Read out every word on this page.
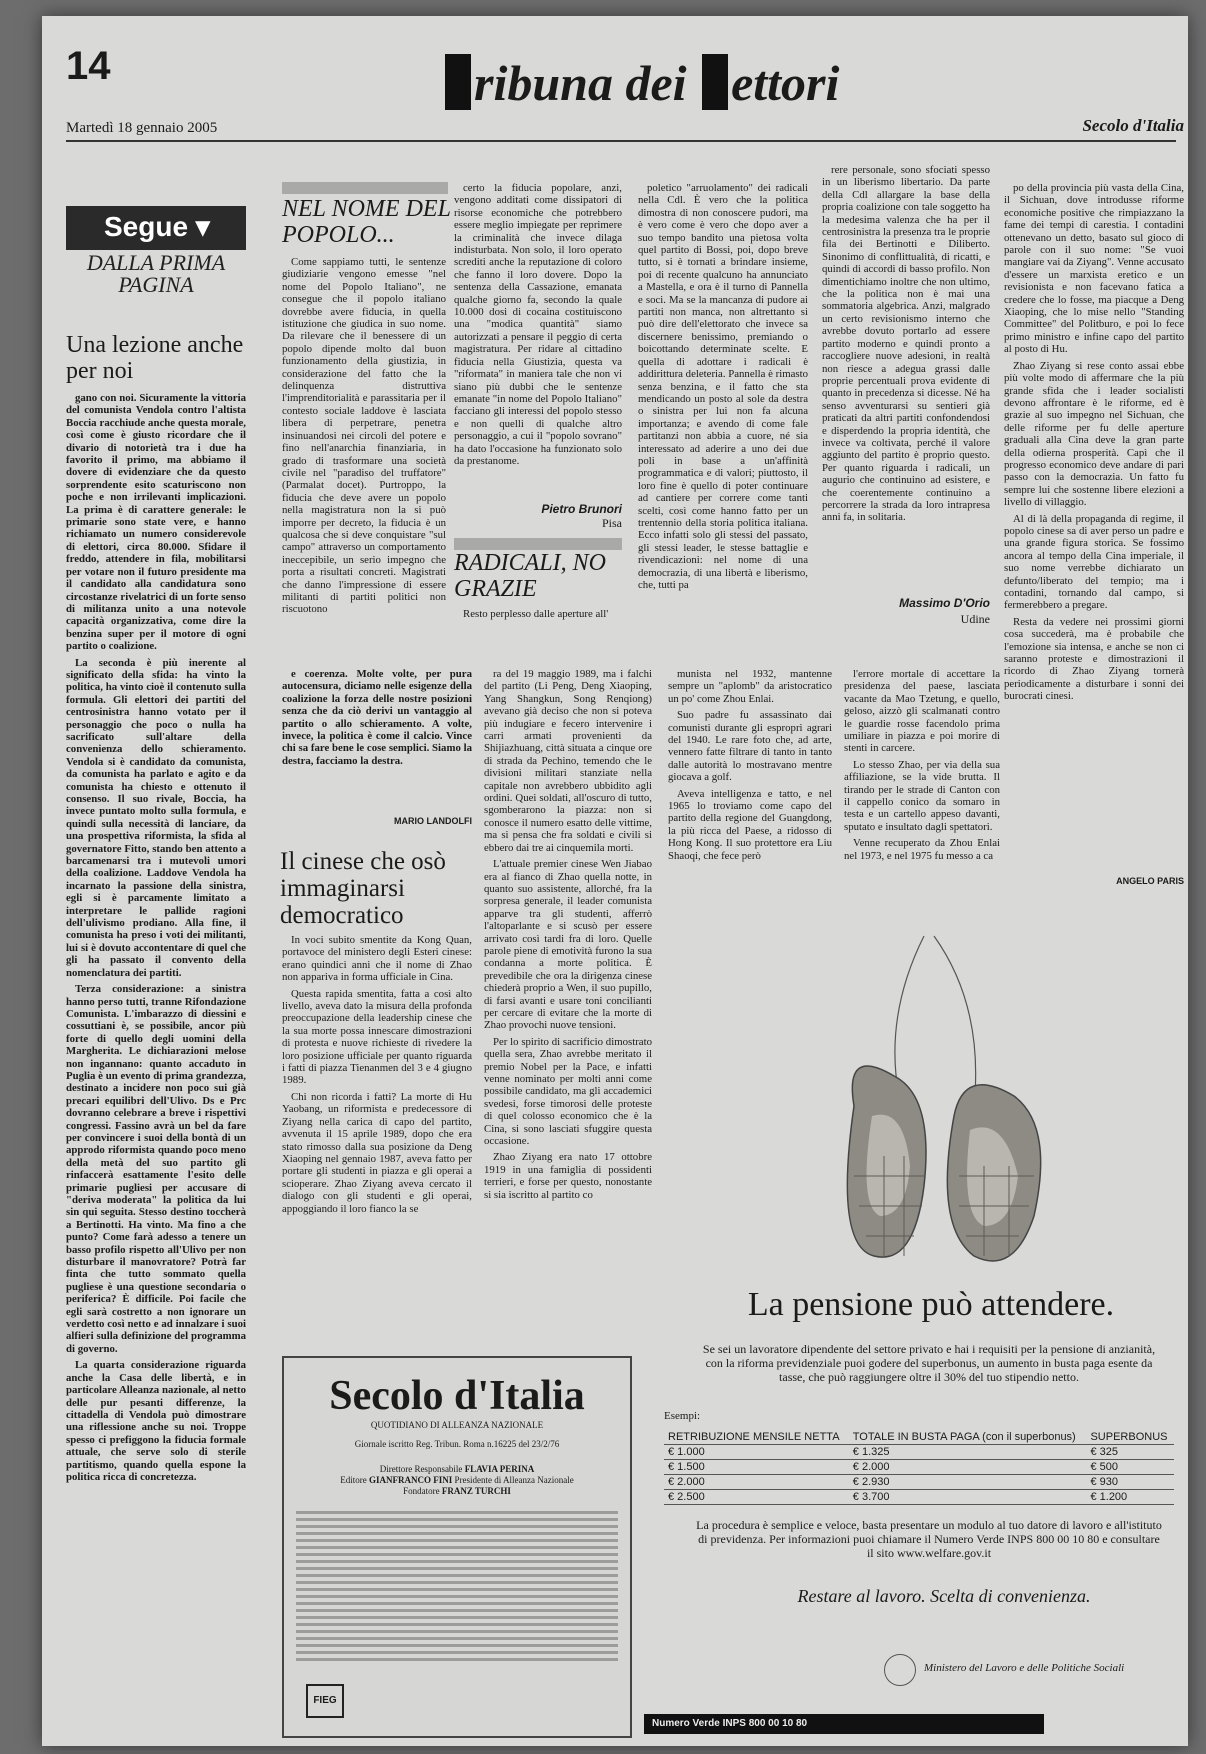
14	ribuna dei ettori
Martedì 18 gennaio 2005	Secolo d'Italia
Segue ▾
DALLA PRIMA PAGINA
Una lezione anche per noi

gano con noi. Sicuramente la vittoria del comunista Vendola contro l'altista Boccia racchiude anche questa morale, così come è giusto ricordare che il divario di notorietà tra i due ha favorito il primo, ma abbiamo il dovere di evidenziare che da questo sorprendente esito scaturiscono non poche e non irrilevanti implicazioni. La prima è di carattere generale: le primarie sono state vere, e hanno richiamato un numero considerevole di elettori, circa 80.000. Sfidare il freddo, attendere in fila, mobilitarsi per votare non il futuro presidente ma il candidato alla candidatura sono circostanze rivelatrici di un forte senso di militanza unito a una notevole capacità organizzativa, come dire la benzina super per il motore di ogni partito o coalizione.

La seconda è più inerente al significato della sfida: ha vinto la politica, ha vinto cioè il contenuto sulla formula. Gli elettori dei partiti del centrosinistra hanno votato per il personaggio che poco o nulla ha sacrificato sull'altare della convenienza dello schieramento. Vendola si è candidato da comunista, da comunista ha parlato e agito e da comunista ha chiesto e ottenuto il consenso. Il suo rivale, Boccia, ha invece puntato molto sulla formula, e quindi sulla necessità di lanciare, da una prospettiva riformista, la sfida al governatore Fitto, stando ben attento a barcamenarsi tra i mutevoli umori della coalizione. Laddove Vendola ha incarnato la passione della sinistra, egli si è parcamente limitato a interpretare le pallide ragioni dell'ulivismo prodiano. Alla fine, il comunista ha preso i voti dei militanti, lui si è dovuto accontentare di quel che gli ha passato il convento della nomenclatura dei partiti.

Terza considerazione: a sinistra hanno perso tutti, tranne Rifondazione Comunista. L'imbarazzo di diessini e cossuttiani è, se possibile, ancor più forte di quello degli uomini della Margherita. Le dichiarazioni melose non ingannano: quanto accaduto in Puglia è un evento di prima grandezza, destinato a incidere non poco sui già precari equilibri dell'Ulivo. Ds e Prc dovranno celebrare a breve i rispettivi congressi. Fassino avrà un bel da fare per convincere i suoi della bontà di un approdo riformista quando poco meno della metà del suo partito gli rinfaccerà esattamente l'esito delle primarie pugliesi per accusare di "deriva moderata" la politica da lui sin qui seguita. Stesso destino toccherà a Bertinotti. Ha vinto. Ma fino a che punto? Come farà adesso a tenere un basso profilo rispetto all'Ulivo per non disturbare il manovratore? Potrà far finta che tutto sommato quella pugliese è una questione secondaria o periferica? È difficile. Poi facile che egli sarà costretto a non ignorare un verdetto così netto e ad innalzare i suoi alfieri sulla definizione del programma di governo.

La quarta considerazione riguarda anche la Casa delle libertà, e in particolare Alleanza nazionale, al netto delle pur pesanti differenze, la cittadella di Vendola può dimostrare una riflessione anche su noi. Troppe spesso ci prefiggono la fiducia formale attuale, che serve solo di sterile partitismo, quando quella espone la politica ricca di concretezza.

NEL NOME DEL POPOLO...

Come sappiamo tutti, le sentenze giudiziarie vengono emesse "nel nome del Popolo Italiano", ne consegue che il popolo italiano dovrebbe avere fiducia, in quella istituzione che giudica in suo nome. Da rilevare che il benessere di un popolo dipende molto dal buon funzionamento della giustizia, in considerazione del fatto che la delinquenza distruttiva l'imprenditorialità e parassitaria per il contesto sociale laddove è lasciata libera di perpetrare, penetra insinuandosi nei circoli del potere e fino nell'anarchia finanziaria, in grado di trasformare una società civile nel "paradiso del truffatore" (Parmalat docet). Purtroppo, la fiducia che deve avere un popolo nella magistratura non la si può imporre per decreto, la fiducia è un qualcosa che si deve conquistare "sul campo" attraverso un comportamento ineccepibile, un serio impegno che porta a risultati concreti. Magistrati che danno l'impressione di essere militanti di partiti politici non riscuotono

certo la fiducia popolare, anzi, vengono additati come dissipatori di risorse economiche che potrebbero essere meglio impiegate per reprimere la criminalità che invece dilaga indisturbata. Non solo, il loro operato screditi anche la reputazione di coloro che fanno il loro dovere. Dopo la sentenza della Cassazione, emanata qualche giorno fa, secondo la quale 10.000 dosi di cocaina costituiscono una "modica quantità" siamo autorizzati a pensare il peggio di certa magistratura. Per ridare al cittadino fiducia nella Giustizia, questa va "riformata" in maniera tale che non vi siano più dubbi che le sentenze emanate "in nome del Popolo Italiano" facciano gli interessi del popolo stesso e non quelli di qualche altro personaggio, a cui il "popolo sovrano" ha dato l'occasione ha funzionato solo da prestanome.

Pietro Brunori
Pisa
RADICALI, NO GRAZIE

Resto perplesso dalle aperture all'

poletico "arruolamento" dei radicali nella Cdl. È vero che la politica dimostra di non conoscere pudori, ma è vero come è vero che dopo aver a suo tempo bandito una pietosa volta quel partito di Bossi, poi, dopo breve tutto, si è tornati a brindare insieme, poi di recente qualcuno ha annunciato a Mastella, e ora è il turno di Pannella e soci. Ma se la mancanza di pudore ai partiti non manca, non altrettanto si può dire dell'elettorato che invece sa discernere benissimo, premiando o boicottando determinate scelte. E quella di adottare i radicali è addirittura deleteria. Pannella è rimasto senza benzina, e il fatto che sta mendicando un posto al sole da destra o sinistra per lui non fa alcuna importanza; e avendo di come fale partitanzi non abbia a cuore, né sia interessato ad aderire a uno dei due poli in base a un'affinità programmatica e di valori; piuttosto, il loro fine è quello di poter continuare ad cantiere per correre come tanti scelti, così come hanno fatto per un trentennio della storia politica italiana. Ecco infatti solo gli stessi del passato, gli stessi leader, le stesse battaglie e rivendicazioni: nel nome di una democrazia, di una libertà e liberismo, che, tutti pa

rere personale, sono sfociati spesso in un liberismo libertario. Da parte della Cdl allargare la base della propria coalizione con tale soggetto ha la medesima valenza che ha per il centrosinistra la presenza tra le proprie fila dei Bertinotti e Diliberto. Sinonimo di conflittualità, di ricatti, e quindi di accordi di basso profilo. Non dimentichiamo inoltre che non ultimo, che la politica non è mai una sommatoria algebrica. Anzi, malgrado un certo revisionismo interno che avrebbe dovuto portarlo ad essere partito moderno e quindi pronto a raccogliere nuove adesioni, in realtà non riesce a adegua grassi dalle proprie percentuali prova evidente di quanto in precedenza si dicesse. Né ha senso avventurarsi su sentieri già praticati da altri partiti confondendosi e disperdendo la propria identità, che invece va coltivata, perché il valore aggiunto del partito è proprio questo. Per quanto riguarda i radicali, un augurio che continuino ad esistere, e che coerentemente continuino a percorrere la strada da loro intrapresa anni fa, in solitaria.

Massimo D'Orio
Udine

po della provincia più vasta della Cina, il Sichuan, dove introdusse riforme economiche positive che rimpiazzano la fame dei tempi di carestia. I contadini ottenevano un detto, basato sul gioco di parole con il suo nome: "Se vuoi mangiare vai da Ziyang". Venne accusato d'essere un marxista eretico e un revisionista e non facevano fatica a credere che lo fosse, ma piacque a Deng Xiaoping, che lo mise nello "Standing Committee" del Politburo, e poi lo fece primo ministro e infine capo del partito al posto di Hu.

Zhao Ziyang si rese conto assai ebbe più volte modo di affermare che la più grande sfida che i leader socialisti devono affrontare è le riforme, ed è grazie al suo impegno nel Sichuan, che delle riforme per fu delle aperture graduali alla Cina deve la gran parte della odierna prosperità. Capì che il progresso economico deve andare di pari passo con la democrazia. Un fatto fu sempre lui che sostenne libere elezioni a livello di villaggio.

Al di là della propaganda di regime, il popolo cinese sa di aver perso un padre e una grande figura storica. Se fossimo ancora al tempo della Cina imperiale, il suo nome verrebbe dichiarato un defunto/liberato del tempio; ma i contadini, tornando dal campo, si fermerebbero a pregare.

Resta da vedere nei prossimi giorni cosa succederà, ma è probabile che l'emozione sia intensa, e anche se non ci saranno proteste e dimostrazioni il ricordo di Zhao Ziyang tornerà periodicamente a disturbare i sonni dei burocrati cinesi.

ANGELO PARIS

e coerenza. Molte volte, per pura autocensura, diciamo nelle esigenze della coalizione la forza delle nostre posizioni senza che da ciò derivi un vantaggio al partito o allo schieramento. A volte, invece, la politica è come il calcio. Vince chi sa fare bene le cose semplici. Siamo la destra, facciamo la destra.

MARIO LANDOLFI
Il cinese che osò immaginarsi democratico

In voci subito smentite da Kong Quan, portavoce del ministero degli Esteri cinese: erano quindici anni che il nome di Zhao non appariva in forma ufficiale in Cina.

Questa rapida smentita, fatta a così alto livello, aveva dato la misura della profonda preoccupazione della leadership cinese che la sua morte possa innescare dimostrazioni di protesta e nuove richieste di rivedere la loro posizione ufficiale per quanto riguarda i fatti di piazza Tienanmen del 3 e 4 giugno 1989.

Chi non ricorda i fatti? La morte di Hu Yaobang, un riformista e predecessore di Ziyang nella carica di capo del partito, avvenuta il 15 aprile 1989, dopo che era stato rimosso dalla sua posizione da Deng Xiaoping nel gennaio 1987, aveva fatto per portare gli studenti in piazza e gli operai a scioperare. Zhao Ziyang aveva cercato il dialogo con gli studenti e gli operai, appoggiando il loro fianco la se

ra del 19 maggio 1989, ma i falchi del partito (Li Peng, Deng Xiaoping, Yang Shangkun, Song Renqiong) avevano già deciso che non si poteva più indugiare e fecero intervenire i carri armati provenienti da Shijiazhuang, città situata a cinque ore di strada da Pechino, temendo che le divisioni militari stanziate nella capitale non avrebbero ubbidito agli ordini. Quei soldati, all'oscuro di tutto, sgomberarono la piazza: non si conosce il numero esatto delle vittime, ma si pensa che fra soldati e civili si ebbero dai tre ai cinquemila morti.

L'attuale premier cinese Wen Jiabao era al fianco di Zhao quella notte, in quanto suo assistente, allorché, fra la sorpresa generale, il leader comunista apparve tra gli studenti, afferrò l'altoparlante e si scusò per essere arrivato così tardi fra di loro. Quelle parole piene di emotività furono la sua condanna a morte politica. È prevedibile che ora la dirigenza cinese chiederà proprio a Wen, il suo pupillo, di farsi avanti e usare toni concilianti per cercare di evitare che la morte di Zhao provochi nuove tensioni.

Per lo spirito di sacrificio dimostrato quella sera, Zhao avrebbe meritato il premio Nobel per la Pace, e infatti venne nominato per molti anni come possibile candidato, ma gli accademici svedesi, forse timorosi delle proteste di quel colosso economico che è la Cina, si sono lasciati sfuggire questa occasione.

Zhao Ziyang era nato 17 ottobre 1919 in una famiglia di possidenti terrieri, e forse per questo, nonostante si sia iscritto al partito co

munista nel 1932, mantenne sempre un "aplomb" da aristocratico un po' come Zhou Enlai.

Suo padre fu assassinato dai comunisti durante gli espropri agrari del 1940. Le rare foto che, ad arte, vennero fatte filtrare di tanto in tanto dalle autorità lo mostravano mentre giocava a golf.

Aveva intelligenza e tatto, e nel 1965 lo troviamo come capo del partito della regione del Guangdong, la più ricca del Paese, a ridosso di Hong Kong. Il suo protettore era Liu Shaoqi, che fece però

l'errore mortale di accettare la presidenza del paese, lasciata vacante da Mao Tzetung, e quello, geloso, aizzò gli scalmanati contro le guardie rosse facendolo prima umiliare in piazza e poi morire di stenti in carcere.

Lo stesso Zhao, per via della sua affiliazione, se la vide brutta. Il tirando per le strade di Canton con il cappello conico da somaro in testa e un cartello appeso davanti, sputato e insultato dagli spettatori.

Venne recuperato da Zhou Enlai nel 1973, e nel 1975 fu messo a ca

Secolo d'Italia
QUOTIDIANO DI ALLEANZA NAZIONALE
Giornale iscritto Reg. Tribun. Roma n.16225 del 23/2/76
Direttore Responsabile FLAVIA PERINA
Editore GIANFRANCO FINI Presidente di Alleanza Nazionale
Fondatore FRANZ TURCHI
FIEG
La pensione può attendere.
Se sei un lavoratore dipendente del settore privato e hai i requisiti per la pensione di anzianità, con la riforma previdenziale puoi godere del superbonus, un aumento in busta paga esente da tasse, che può raggiungere oltre il 30% del tuo stipendio netto.
Esempi:
RETRIBUZIONE MENSILE NETTA	TOTALE IN BUSTA PAGA (con il superbonus)	SUPERBONUS
€ 1.000	€ 1.325	€ 325
€ 1.500	€ 2.000	€ 500
€ 2.000	€ 2.930	€ 930
€ 2.500	€ 3.700	€ 1.200
La procedura è semplice e veloce, basta presentare un modulo al tuo datore di lavoro e all'istituto di previdenza. Per informazioni puoi chiamare il Numero Verde INPS 800 00 10 80 e consultare il sito www.welfare.gov.it
Restare al lavoro. Scelta di convenienza.
Ministero del Lavoro e delle Politiche Sociali
Numero Verde INPS 800 00 10 80
